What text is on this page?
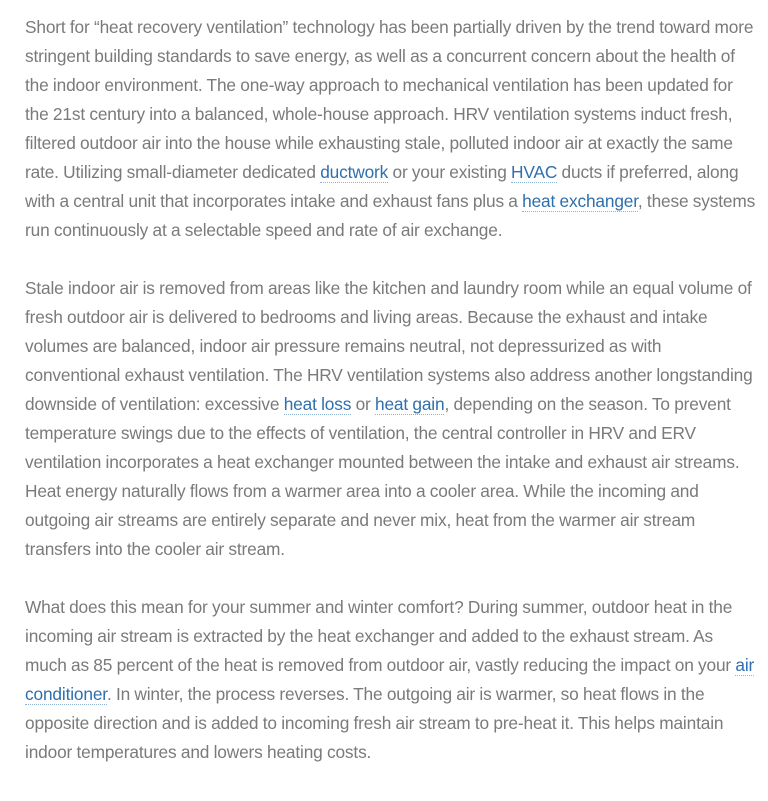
Short for “heat recovery ventilation” technology has been partially driven by the trend toward more stringent building standards to save energy, as well as a concurrent concern about the health of the indoor environment. The one-way approach to mechanical ventilation has been updated for the 21st century into a balanced, whole-house approach. HRV ventilation systems induct fresh, filtered outdoor air into the house while exhausting stale, polluted indoor air at exactly the same rate. Utilizing small-diameter dedicated ductwork or your existing HVAC ducts if preferred, along with a central unit that incorporates intake and exhaust fans plus a heat exchanger, these systems run continuously at a selectable speed and rate of air exchange.

Stale indoor air is removed from areas like the kitchen and laundry room while an equal volume of fresh outdoor air is delivered to bedrooms and living areas. Because the exhaust and intake volumes are balanced, indoor air pressure remains neutral, not depressurized as with conventional exhaust ventilation. The HRV ventilation systems also address another longstanding downside of ventilation: excessive heat loss or heat gain, depending on the season. To prevent temperature swings due to the effects of ventilation, the central controller in HRV and ERV ventilation incorporates a heat exchanger mounted between the intake and exhaust air streams. Heat energy naturally flows from a warmer area into a cooler area. While the incoming and outgoing air streams are entirely separate and never mix, heat from the warmer air stream transfers into the cooler air stream.

What does this mean for your summer and winter comfort? During summer, outdoor heat in the incoming air stream is extracted by the heat exchanger and added to the exhaust stream. As much as 85 percent of the heat is removed from outdoor air, vastly reducing the impact on your air conditioner. In winter, the process reverses. The outgoing air is warmer, so heat flows in the opposite direction and is added to incoming fresh air stream to pre-heat it. This helps maintain indoor temperatures and lowers heating costs.
